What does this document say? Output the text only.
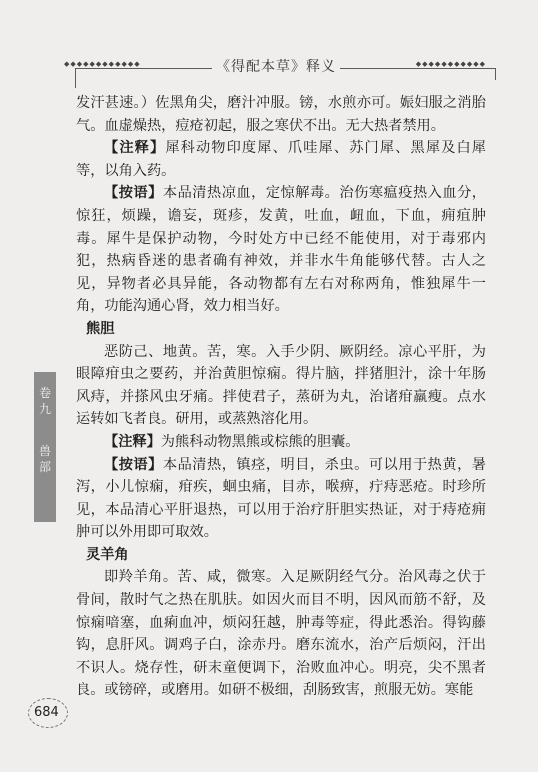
◆◆◆◆◆◆◆◆◆◆◆◆	《得配本草》释义	◆◆◆◆◆◆◆◆◆◆◆

发汗甚速。）佐黑角尖，磨汁冲服。镑，水煎亦可。娠妇服之消胎气。血虚燥热，痘疮初起，服之寒伏不出。无大热者禁用。

【注释】犀科动物印度犀、爪哇犀、苏门犀、黑犀及白犀等，以角入药。

【按语】本品清热凉血，定惊解毒。治伤寒瘟疫热入血分，惊狂，烦躁，谵妄，斑疹，发黄，吐血，衄血，下血，痈疽肿毒。犀牛是保护动物，今时处方中已经不能使用，对于毒邪内犯，热病昏迷的患者确有神效，并非水牛角能够代替。古人之见，异物者必具异能，各动物都有左右对称两角，惟独犀牛一角，功能沟通心肾，效力相当好。

熊胆

恶防己、地黄。苦，寒。入手少阴、厥阴经。凉心平肝，为眼障疳虫之要药，并治黄胆惊痫。得片脑，拌猪胆汁，涂十年肠风痔，并搽风虫牙痛。拌使君子，蒸研为丸，治诸疳羸瘦。点水运转如飞者良。研用，或蒸熟溶化用。

【注释】为熊科动物黑熊或棕熊的胆囊。

【按语】本品清热，镇痉，明目，杀虫。可以用于热黄，暑泻，小儿惊痫，疳疾，蛔虫痛，目赤，喉痹，疔痔恶疮。时珍所见，本品清心平肝退热，可以用于治疗肝胆实热证，对于痔疮痈肿可以外用即可取效。

灵羊角

即羚羊角。苦、咸，微寒。入足厥阴经气分。治风毒之伏于骨间，散时气之热在肌肤。如因火而目不明，因风而筋不舒，及惊痫喑塞，血痢血冲，烦闷狂越，肿毒等症，得此悉治。得钩藤钩，息肝风。调鸡子白，涂赤丹。磨东流水，治产后烦闷，汗出不识人。烧存性，研末童便调下，治败血冲心。明亮，尖不黑者良。或镑碎，或磨用。如研不极细，刮肠致害，煎服无妨。寒能

卷九
兽部
684
